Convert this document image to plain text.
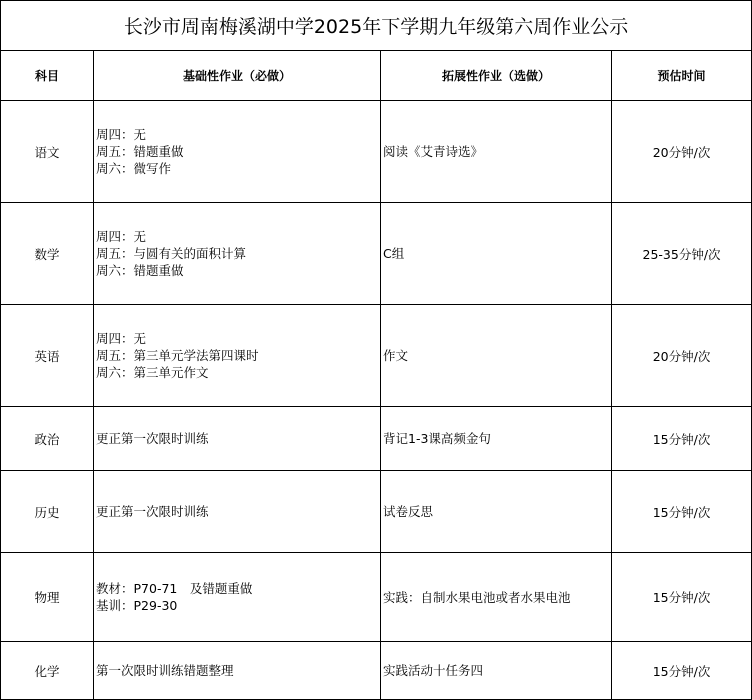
长沙市周南梅溪湖中学2025年下学期九年级第六周作业公示			
科目	基础性作业（必做）	拓展性作业（选做）	预估时间
语文	周四：无
周五：错题重做
周六：微写作	阅读《艾青诗选》	20分钟/次
数学	周四：无
周五：与圆有关的面积计算
周六：错题重做	C组	25-35分钟/次
英语	周四：无
周五：第三单元学法第四课时
周六：第三单元作文	作文	20分钟/次
政治	更正第一次限时训练	背记1-3课高频金句	15分钟/次
历史	更正第一次限时训练	试卷反思	15分钟/次
物理	教材：P70-71　及错题重做
基训：P29-30	实践：自制水果电池或者水果电池	15分钟/次
化学	第一次限时训练错题整理	实践活动十任务四	15分钟/次
